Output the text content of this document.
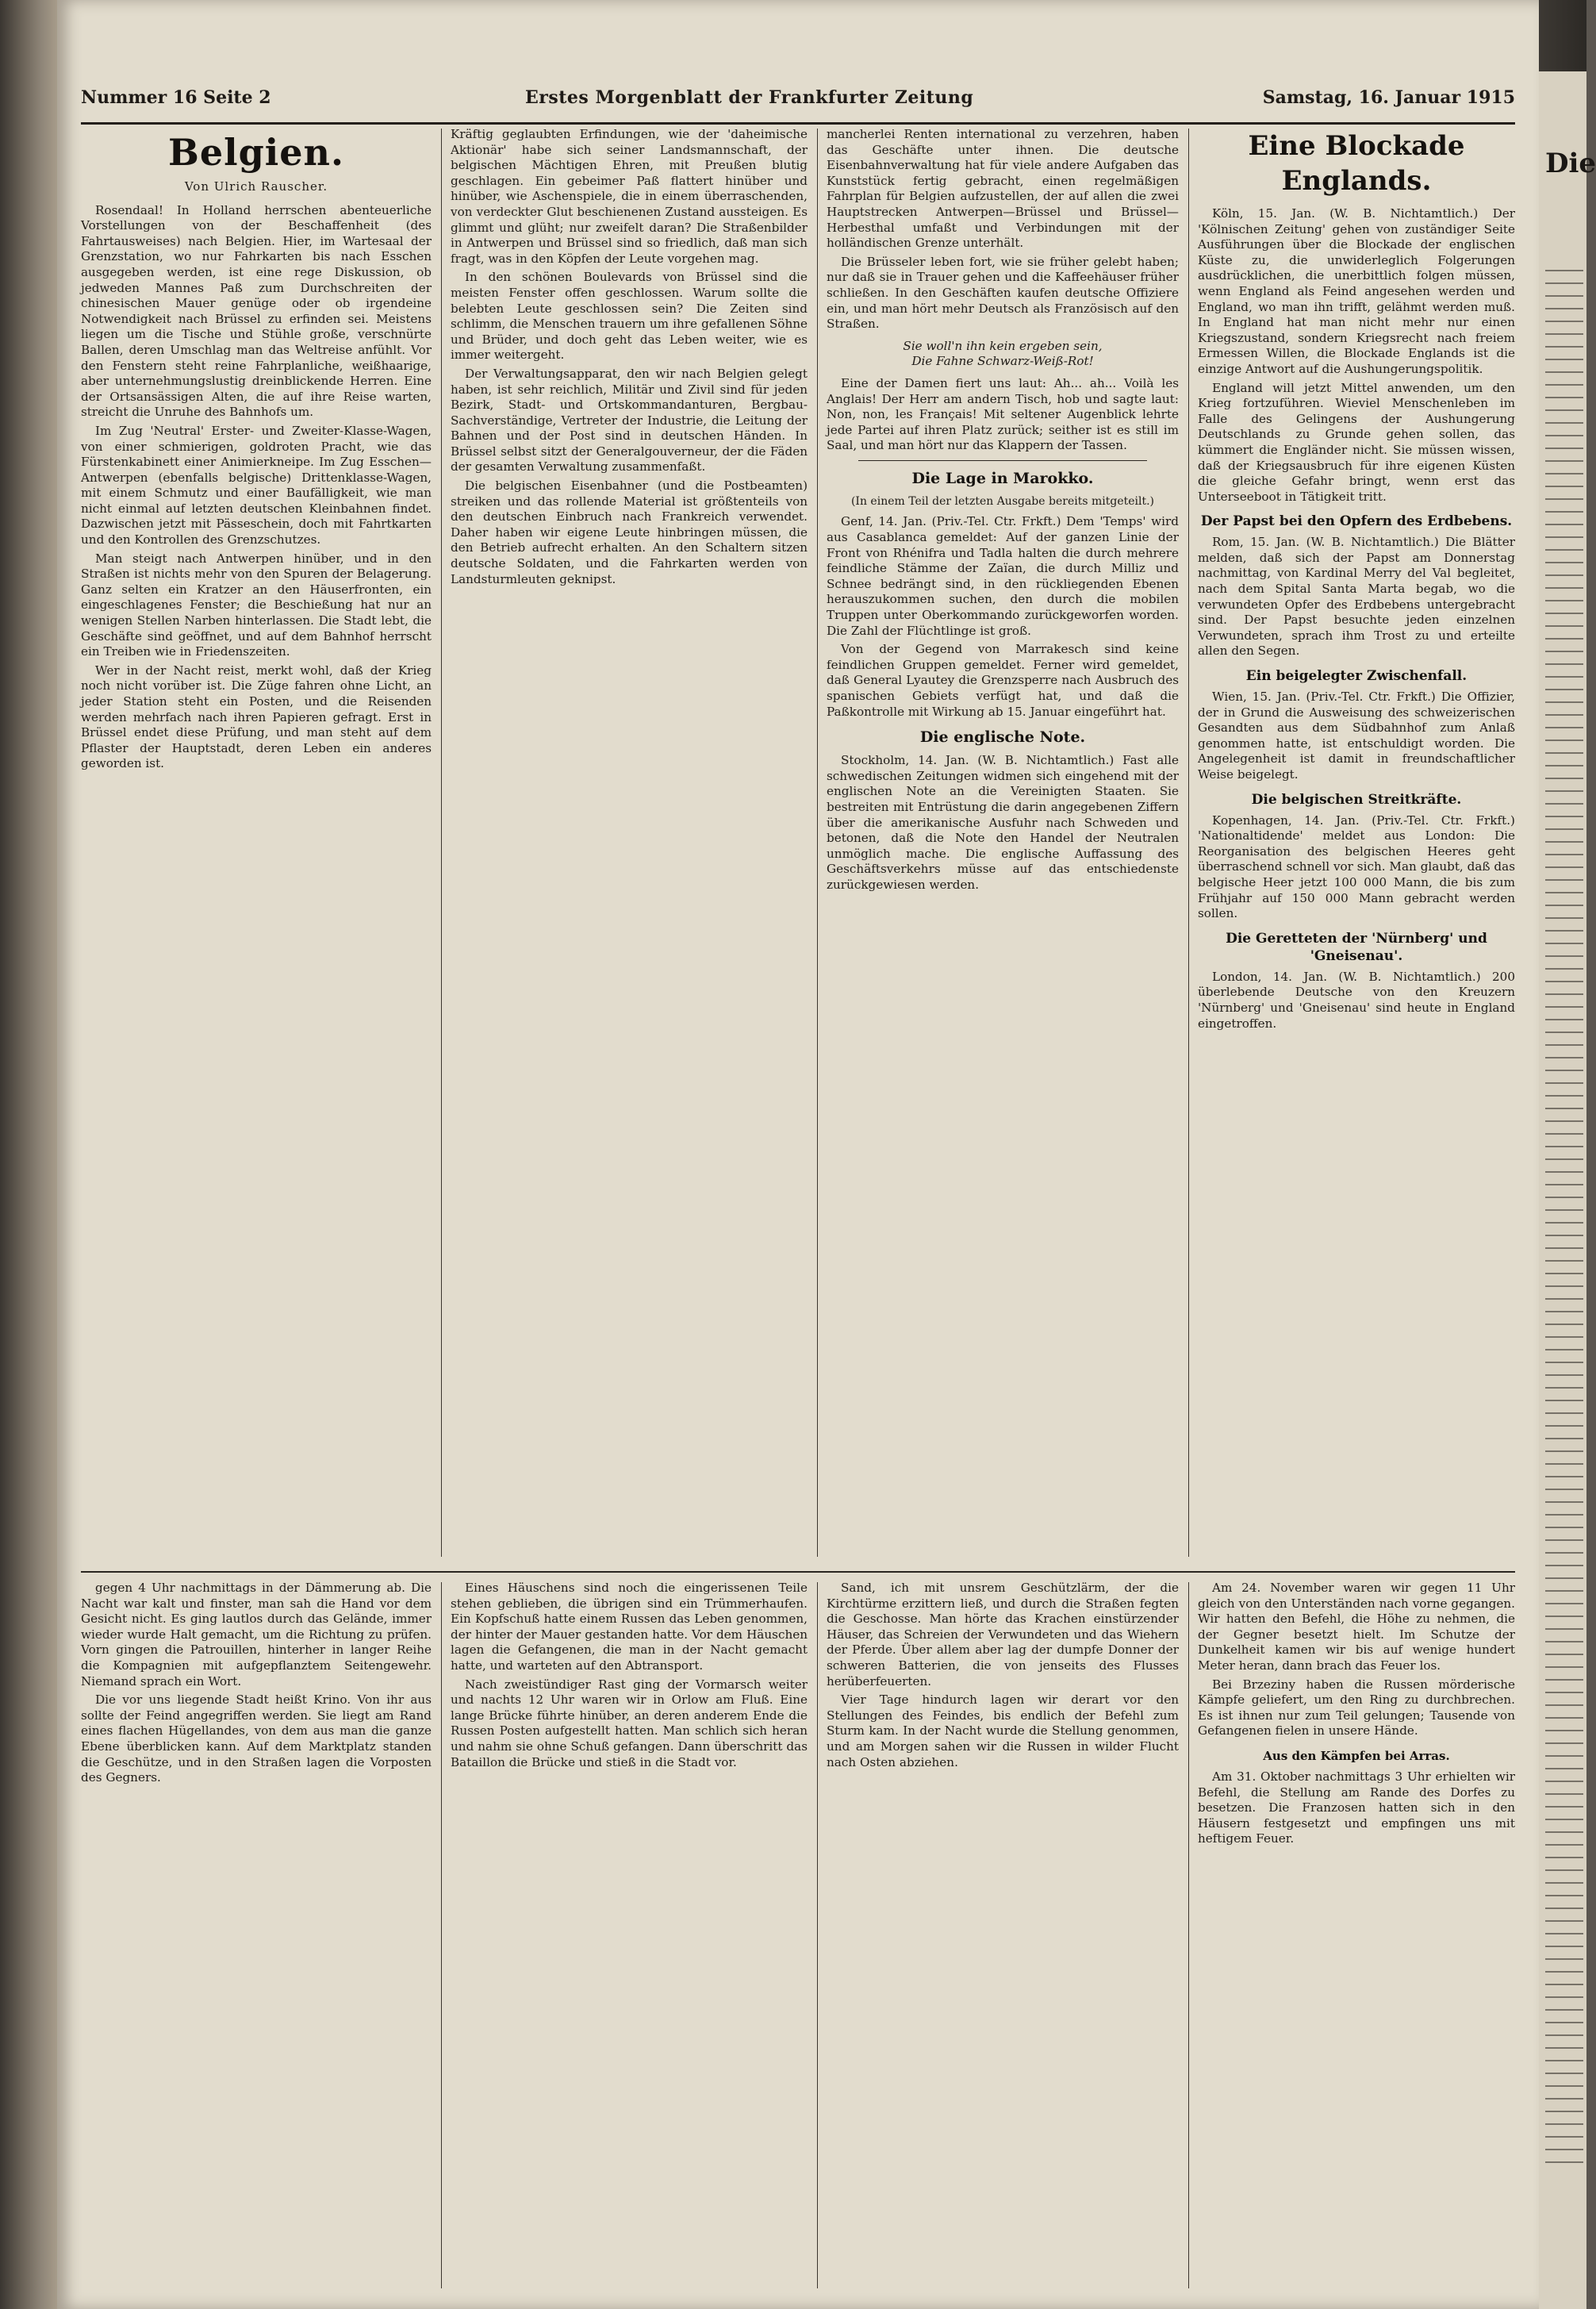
Die
Nummer 16 Seite 2	Erstes Morgenblatt der Frankfurter Zeitung	Samstag, 16. Januar 1915
Belgien.
Von Ulrich Rauscher.

Rosendaal! In Holland herrschen abenteuerliche Vorstellungen von der Beschaffenheit (des Fahrtausweises) nach Belgien. Hier, im Wartesaal der Grenzstation, wo nur Fahrkarten bis nach Esschen ausgegeben werden, ist eine rege Diskussion, ob jedweden Mannes Paß zum Durchschreiten der chinesischen Mauer genüge oder ob irgendeine Notwendigkeit nach Brüssel zu erfinden sei. Meistens liegen um die Tische und Stühle große, verschnürte Ballen, deren Umschlag man das Weltreise anfühlt. Vor den Fenstern steht reine Fahrplanliche, weißhaarige, aber unternehmungslustig dreinblickende Herren. Eine der Ortsansässigen Alten, die auf ihre Reise warten, streicht die Unruhe des Bahnhofs um.

Im Zug 'Neutral' Erster- und Zweiter-Klasse-Wagen, von einer schmierigen, goldroten Pracht, wie das Fürstenkabinett einer Animierkneipe. Im Zug Esschen—Antwerpen (ebenfalls belgische) Drittenklasse-Wagen, mit einem Schmutz und einer Baufälligkeit, wie man nicht einmal auf letzten deutschen Kleinbahnen findet. Dazwischen jetzt mit Pässeschein, doch mit Fahrtkarten und den Kontrollen des Grenzschutzes.

Man steigt nach Antwerpen hinüber, und in den Straßen ist nichts mehr von den Spuren der Belagerung. Ganz selten ein Kratzer an den Häuserfronten, ein eingeschlagenes Fenster; die Beschießung hat nur an wenigen Stellen Narben hinterlassen. Die Stadt lebt, die Geschäfte sind geöffnet, und auf dem Bahnhof herrscht ein Treiben wie in Friedenszeiten.

Wer in der Nacht reist, merkt wohl, daß der Krieg noch nicht vorüber ist. Die Züge fahren ohne Licht, an jeder Station steht ein Posten, und die Reisenden werden mehrfach nach ihren Papieren gefragt. Erst in Brüssel endet diese Prüfung, und man steht auf dem Pflaster der Hauptstadt, deren Leben ein anderes geworden ist.

Kräftig geglaubten Erfindungen, wie der 'daheimische Aktionär' habe sich seiner Landsmannschaft, der belgischen Mächtigen Ehren, mit Preußen blutig geschlagen. Ein gebeimer Paß flattert hinüber und hinüber, wie Aschenspiele, die in einem überraschenden, von verdeckter Glut beschienenen Zustand aussteigen. Es glimmt und glüht; nur zweifelt daran? Die Straßenbilder in Antwerpen und Brüssel sind so friedlich, daß man sich fragt, was in den Köpfen der Leute vorgehen mag.

In den schönen Boulevards von Brüssel sind die meisten Fenster offen geschlossen. Warum sollte die belebten Leute geschlossen sein? Die Zeiten sind schlimm, die Menschen trauern um ihre gefallenen Söhne und Brüder, und doch geht das Leben weiter, wie es immer weitergeht.

Der Verwaltungsapparat, den wir nach Belgien gelegt haben, ist sehr reichlich, Militär und Zivil sind für jeden Bezirk, Stadt- und Ortskommandanturen, Bergbau-Sachverständige, Vertreter der Industrie, die Leitung der Bahnen und der Post sind in deutschen Händen. In Brüssel selbst sitzt der Generalgouverneur, der die Fäden der gesamten Verwaltung zusammenfaßt.

Die belgischen Eisenbahner (und die Postbeamten) streiken und das rollende Material ist größtenteils von den deutschen Einbruch nach Frankreich verwendet. Daher haben wir eigene Leute hinbringen müssen, die den Betrieb aufrecht erhalten. An den Schaltern sitzen deutsche Soldaten, und die Fahrkarten werden von Landsturmleuten geknipst.

mancherlei Renten international zu verzehren, haben das Geschäfte unter ihnen. Die deutsche Eisenbahnverwaltung hat für viele andere Aufgaben das Kunststück fertig gebracht, einen regelmäßigen Fahrplan für Belgien aufzustellen, der auf allen die zwei Hauptstrecken Antwerpen—Brüssel und Brüssel—Herbesthal umfaßt und Verbindungen mit der holländischen Grenze unterhält.

Die Brüsseler leben fort, wie sie früher gelebt haben; nur daß sie in Trauer gehen und die Kaffeehäuser früher schließen. In den Geschäften kaufen deutsche Offiziere ein, und man hört mehr Deutsch als Französisch auf den Straßen.

Sie woll'n ihn kein ergeben sein,
Die Fahne Schwarz-Weiß-Rot!

Eine der Damen fiert uns laut: Ah... ah... Voilà les Anglais! Der Herr am andern Tisch, hob und sagte laut: Non, non, les Français! Mit seltener Augenblick lehrte jede Partei auf ihren Platz zurück; seither ist es still im Saal, und man hört nur das Klappern der Tassen.

Die Lage in Marokko.
(In einem Teil der letzten Ausgabe bereits mitgeteilt.)

Genf, 14. Jan. (Priv.-Tel. Ctr. Frkft.) Dem 'Temps' wird aus Casablanca gemeldet: Auf der ganzen Linie der Front von Rhénifra und Tadla halten die durch mehrere feindliche Stämme der Zaïan, die durch Milliz und Schnee bedrängt sind, in den rückliegenden Ebenen herauszukommen suchen, den durch die mobilen Truppen unter Oberkommando zurückgeworfen worden. Die Zahl der Flüchtlinge ist groß.

Von der Gegend von Marrakesch sind keine feindlichen Gruppen gemeldet. Ferner wird gemeldet, daß General Lyautey die Grenzsperre nach Ausbruch des spanischen Gebiets verfügt hat, und daß die Paßkontrolle mit Wirkung ab 15. Januar eingeführt hat.

Die englische Note.

Stockholm, 14. Jan. (W. B. Nichtamtlich.) Fast alle schwedischen Zeitungen widmen sich eingehend mit der englischen Note an die Vereinigten Staaten. Sie bestreiten mit Entrüstung die darin angegebenen Ziffern über die amerikanische Ausfuhr nach Schweden und betonen, daß die Note den Handel der Neutralen unmöglich mache. Die englische Auffassung des Geschäftsverkehrs müsse auf das entschiedenste zurückgewiesen werden.

Eine Blockade Englands.

Köln, 15. Jan. (W. B. Nichtamtlich.) Der 'Kölnischen Zeitung' gehen von zuständiger Seite Ausführungen über die Blockade der englischen Küste zu, die unwiderleglich Folgerungen ausdrücklichen, die unerbittlich folgen müssen, wenn England als Feind angesehen werden und England, wo man ihn trifft, gelähmt werden muß. In England hat man nicht mehr nur einen Kriegszustand, sondern Kriegsrecht nach freiem Ermessen Willen, die Blockade Englands ist die einzige Antwort auf die Aushungerungspolitik.

England will jetzt Mittel anwenden, um den Krieg fortzuführen. Wieviel Menschenleben im Falle des Gelingens der Aushungerung Deutschlands zu Grunde gehen sollen, das kümmert die Engländer nicht. Sie müssen wissen, daß der Kriegsausbruch für ihre eigenen Küsten die gleiche Gefahr bringt, wenn erst das Unterseeboot in Tätigkeit tritt.

Der Papst bei den Opfern des Erdbebens.

Rom, 15. Jan. (W. B. Nichtamtlich.) Die Blätter melden, daß sich der Papst am Donnerstag nachmittag, von Kardinal Merry del Val begleitet, nach dem Spital Santa Marta begab, wo die verwundeten Opfer des Erdbebens untergebracht sind. Der Papst besuchte jeden einzelnen Verwundeten, sprach ihm Trost zu und erteilte allen den Segen.

Ein beigelegter Zwischenfall.

Wien, 15. Jan. (Priv.-Tel. Ctr. Frkft.) Die Offizier, der in Grund die Ausweisung des schweizerischen Gesandten aus dem Südbahnhof zum Anlaß genommen hatte, ist entschuldigt worden. Die Angelegenheit ist damit in freundschaftlicher Weise beigelegt.

Die belgischen Streitkräfte.

Kopenhagen, 14. Jan. (Priv.-Tel. Ctr. Frkft.) 'Nationaltidende' meldet aus London: Die Reorganisation des belgischen Heeres geht überraschend schnell vor sich. Man glaubt, daß das belgische Heer jetzt 100 000 Mann, die bis zum Frühjahr auf 150 000 Mann gebracht werden sollen.

Die Geretteten der 'Nürnberg' und 'Gneisenau'.

London, 14. Jan. (W. B. Nichtamtlich.) 200 überlebende Deutsche von den Kreuzern 'Nürnberg' und 'Gneisenau' sind heute in England eingetroffen.

gegen 4 Uhr nachmittags in der Dämmerung ab. Die Nacht war kalt und finster, man sah die Hand vor dem Gesicht nicht. Es ging lautlos durch das Gelände, immer wieder wurde Halt gemacht, um die Richtung zu prüfen. Vorn gingen die Patrouillen, hinterher in langer Reihe die Kompagnien mit aufgepflanztem Seitengewehr. Niemand sprach ein Wort.

Die vor uns liegende Stadt heißt Krino. Von ihr aus sollte der Feind angegriffen werden. Sie liegt am Rand eines flachen Hügellandes, von dem aus man die ganze Ebene überblicken kann. Auf dem Marktplatz standen die Geschütze, und in den Straßen lagen die Vorposten des Gegners.

Eines Häuschens sind noch die eingerissenen Teile stehen geblieben, die übrigen sind ein Trümmerhaufen. Ein Kopfschuß hatte einem Russen das Leben genommen, der hinter der Mauer gestanden hatte. Vor dem Häuschen lagen die Gefangenen, die man in der Nacht gemacht hatte, und warteten auf den Abtransport.

Nach zweistündiger Rast ging der Vormarsch weiter und nachts 12 Uhr waren wir in Orlow am Fluß. Eine lange Brücke führte hinüber, an deren anderem Ende die Russen Posten aufgestellt hatten. Man schlich sich heran und nahm sie ohne Schuß gefangen. Dann überschritt das Bataillon die Brücke und stieß in die Stadt vor.

Sand, ich mit unsrem Geschützlärm, der die Kirchtürme erzittern ließ, und durch die Straßen fegten die Geschosse. Man hörte das Krachen einstürzender Häuser, das Schreien der Verwundeten und das Wiehern der Pferde. Über allem aber lag der dumpfe Donner der schweren Batterien, die von jenseits des Flusses herüberfeuerten.

Vier Tage hindurch lagen wir derart vor den Stellungen des Feindes, bis endlich der Befehl zum Sturm kam. In der Nacht wurde die Stellung genommen, und am Morgen sahen wir die Russen in wilder Flucht nach Osten abziehen.

Am 24. November waren wir gegen 11 Uhr gleich von den Unterständen nach vorne gegangen. Wir hatten den Befehl, die Höhe zu nehmen, die der Gegner besetzt hielt. Im Schutze der Dunkelheit kamen wir bis auf wenige hundert Meter heran, dann brach das Feuer los.

Bei Brzeziny haben die Russen mörderische Kämpfe geliefert, um den Ring zu durchbrechen. Es ist ihnen nur zum Teil gelungen; Tausende von Gefangenen fielen in unsere Hände.

Aus den Kämpfen bei Arras.

Am 31. Oktober nachmittags 3 Uhr erhielten wir Befehl, die Stellung am Rande des Dorfes zu besetzen. Die Franzosen hatten sich in den Häusern festgesetzt und empfingen uns mit heftigem Feuer.
